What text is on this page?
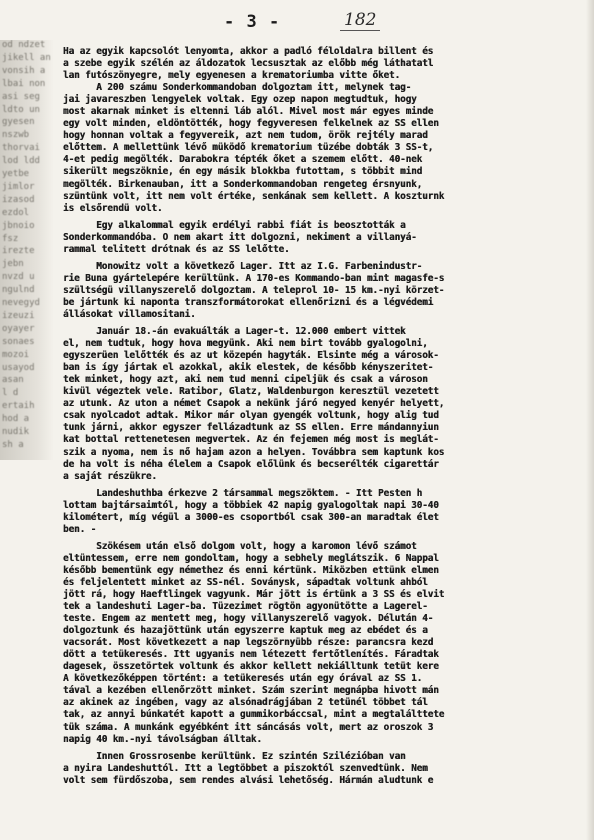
od ndzet
jikell an
vonsih a
lbai non
asi seg
ldto un
gyesen
nszwb
thorvai
lod ldd
yetbe
jimlor
izasod
ezdol
jbnoio
fsz
irezte
jebn
nvzd u
ngulnd
nevegyd
izeuzi
oyayer
sonaes
mozoi
usayod
asan
l d
ertaih
hod a
nudik
sh a
- 3 -	182
Ha az egyik kapcsolót lenyomta, akkor a padló féloldalra billent és
a szebe egyik szélén az áldozatok lecsusztak az előbb még láthatatl
lan futószönyegre, mely egyenesen a krematoriumba vitte őket.
A 200 számu Sonderkommandoban dolgoztam itt, melynek tag-
jai javareszben lengyelek voltak. Egy ozep napon megtudtuk, hogy
most akarnak minket is eltenni láb alól. Mivel most már egyes minde
egy volt minden, eldöntötték, hogy fegyveresen felkelnek az SS ellen
hogy honnan voltak a fegyvereik, azt nem tudom, örök rejtély marad
előttem. A mellettünk lévő müködő krematorium tüzébe dobták 3 SS-t,
4-et pedig megölték. Darabokra tépték őket a szemem előtt. 40-nek
sikerült megszöknie, én egy másik blokkba futottam, s többit mind
megölték. Birkenauban, itt a Sonderkommandoban rengeteg érsnyunk,
szüntünk volt, itt nem volt értéke, senkának sem kellett. A koszturnk
is elsőrendü volt.
Egy alkalommal egyik erdélyi rabbi fiát is beosztották a
Sonderkommandóba. O nem akart itt dolgozni, nekiment a villanyá-
rammal telitett drótnak és az SS lelőtte.
Monowitz volt a következő Lager. Itt az I.G. Farbenindustr-
rie Buna gyártelepére kerültünk. A 170-es Kommando-ban mint magasfe-s
szültségü villanyszerelő dolgoztam. A teleprol 10- 15 km.-nyi körzet-
be jártunk ki naponta transzformátorokat ellenőrizni és a légvédemi
állásokat villamositani.
Január 18.-án evakuálták a Lager-t. 12.000 embert vittek
el, nem tudtuk, hogy hova megyünk. Aki nem birt tovább gyalogolni,
egyszerüen lelőtték és az ut közepén hagyták. Elsinte még a városok-
ban is így jártak el azokkal, akik elestek, de később kényszeritet-
tek minket, hogy azt, aki nem tud menni cipeljük és csak a városon
kivül végeztek vele. Ratibor, Glatz, Waldenburgon keresztül vezetett
az utunk. Az uton a német Csapok a nekünk járó negyed kenyér helyett,
csak nyolcadot adtak. Mikor már olyan gyengék voltunk, hogy alig tud
tunk járni, akkor egyszer fellázadtunk az SS ellen. Erre mándannyiun
kat bottal rettenetesen megvertek. Az én fejemen még most is meglát-
szik a nyoma, nem is nő hajam azon a helyen. Továbbra sem kaptunk kos
de ha volt is néha élelem a Csapok előlünk és becserélték cigarettár
a saját részükre.
Landeshuthba érkezve 2 társammal megszöktem. - Itt Pesten h
lottam bajtársaimtól, hogy a többiek 42 napig gyalogoltak napi 30-40
kilométert, míg végül a 3000-es csoportból csak 300-an maradtak élet
ben. -
Szökésem után első dolgom volt, hogy a karomon lévő számot
eltüntessem, erre nem gondoltam, hogy a sebhely meglátszik. 6 Nappal
később bementünk egy némethez és enni kértünk. Miközben ettünk elmen
és feljelentett minket az SS-nél. Soványsk, sápadtak voltunk ahból
jött rá, hogy Haeftlingek vagyunk. Már jött is értünk a 3 SS és elvit
tek a landeshuti Lager-ba. Tüzezimet rögtön agyonütötte a Lagerel-
teste. Engem az mentett meg, hogy villanyszerelő vagyok. Délután 4-
dolgoztunk és hazajöttünk után egyszerre kaptuk meg az ebédet és a
vacsorát. Most következett a nap legszörnyübb része: parancsra kezd
dött a tetükeresés. Itt ugyanis nem létezett fertőtlenítés. Fáradtak
dagesek, összetörtek voltunk és akkor kellett nekiálltunk tetüt kere
A következőképpen történt: a tetükeresés után egy órával az SS 1.
tával a kezében ellenőrzött minket. Szám szerint megnápba hivott mán
az akinek az ingében, vagy az alsónadrágjában 2 tetünél többet tál
tak, az annyi búnkatét kapott a gummikorbáccsal, mint a megtalálttete
tük száma. A munkánk egyébként itt sáncásás volt, mert az oroszok 3
napig 40 km.-nyi távolságban álltak.
Innen Grossrosenbe kerültünk. Ez szintén Szilézióban van
a nyira Landeshuttól. Itt a legtöbbet a piszoktól szenvedtünk. Nem
volt sem fürdőszoba, sem rendes alvási lehetőség. Hármán aludtunk e
